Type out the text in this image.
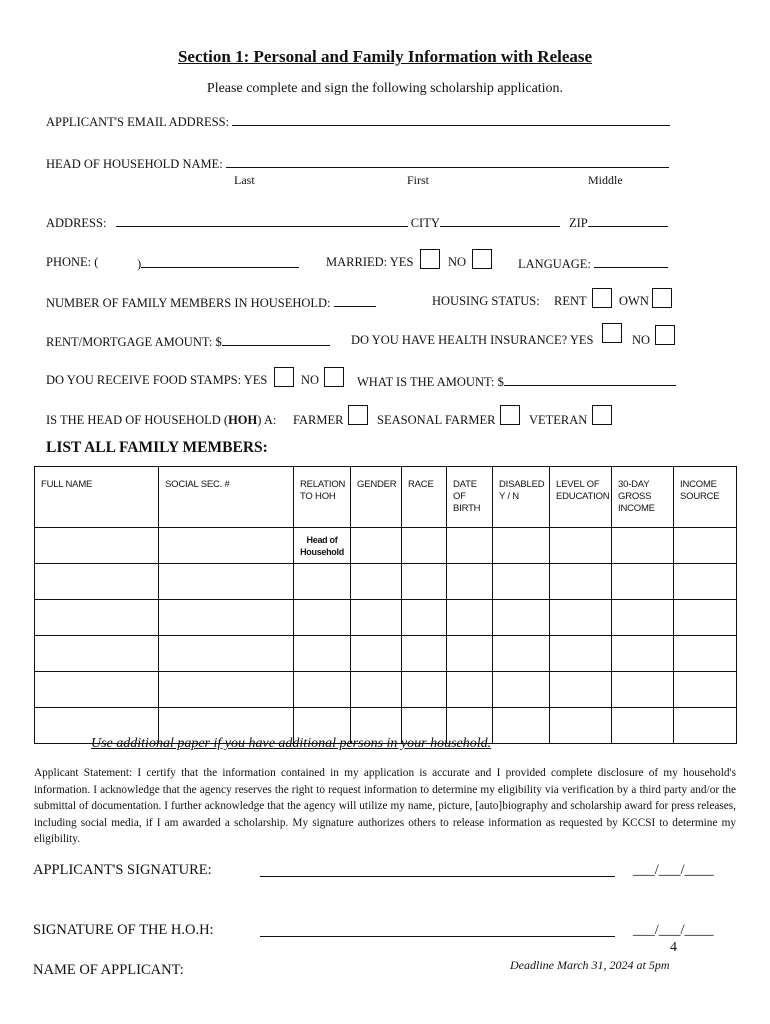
Section 1: Personal and Family Information with Release
Please complete and sign the following scholarship application.
APPLICANT'S EMAIL ADDRESS:
HEAD OF HOUSEHOLD NAME:
Last	First	Middle
ADDRESS:	CITY	ZIP
PHONE: (	)	MARRIED: YES	NO	LANGUAGE:
NUMBER OF FAMILY MEMBERS IN HOUSEHOLD:	HOUSING STATUS: RENT	OWN
RENT/MORTGAGE AMOUNT: $	DO YOU HAVE HEALTH INSURANCE? YES	NO
DO YOU RECEIVE FOOD STAMPS: YES	NO	WHAT IS THE AMOUNT: $
IS THE HEAD OF HOUSEHOLD (HOH) A: FARMER	SEASONAL FARMER	VETERAN
LIST ALL FAMILY MEMBERS:
FULL NAME	SOCIAL SEC. #	RELATION TO HOH	GENDER	RACE	DATE OF BIRTH	DISABLED Y / N	LEVEL OF EDUCATION	30-DAY GROSS INCOME	INCOME SOURCE
		Head of Household							

Use additional paper if you have additional persons in your household.
Applicant Statement: I certify that the information contained in my application is accurate and I provided complete disclosure of my household's information. I acknowledge that the agency reserves the right to request information to determine my eligibility via verification by a third party and/or the submittal of documentation. I further acknowledge that the agency will utilize my name, picture, [auto]biography and scholarship award for press releases, including social media, if I am awarded a scholarship. My signature authorizes others to release information as requested by KCCSI to determine my eligibility.
APPLICANT'S SIGNATURE:	___/___/____
SIGNATURE OF THE H.O.H:	___/___/____
NAME OF APPLICANT:
4
Deadline March 31, 2024 at 5pm
